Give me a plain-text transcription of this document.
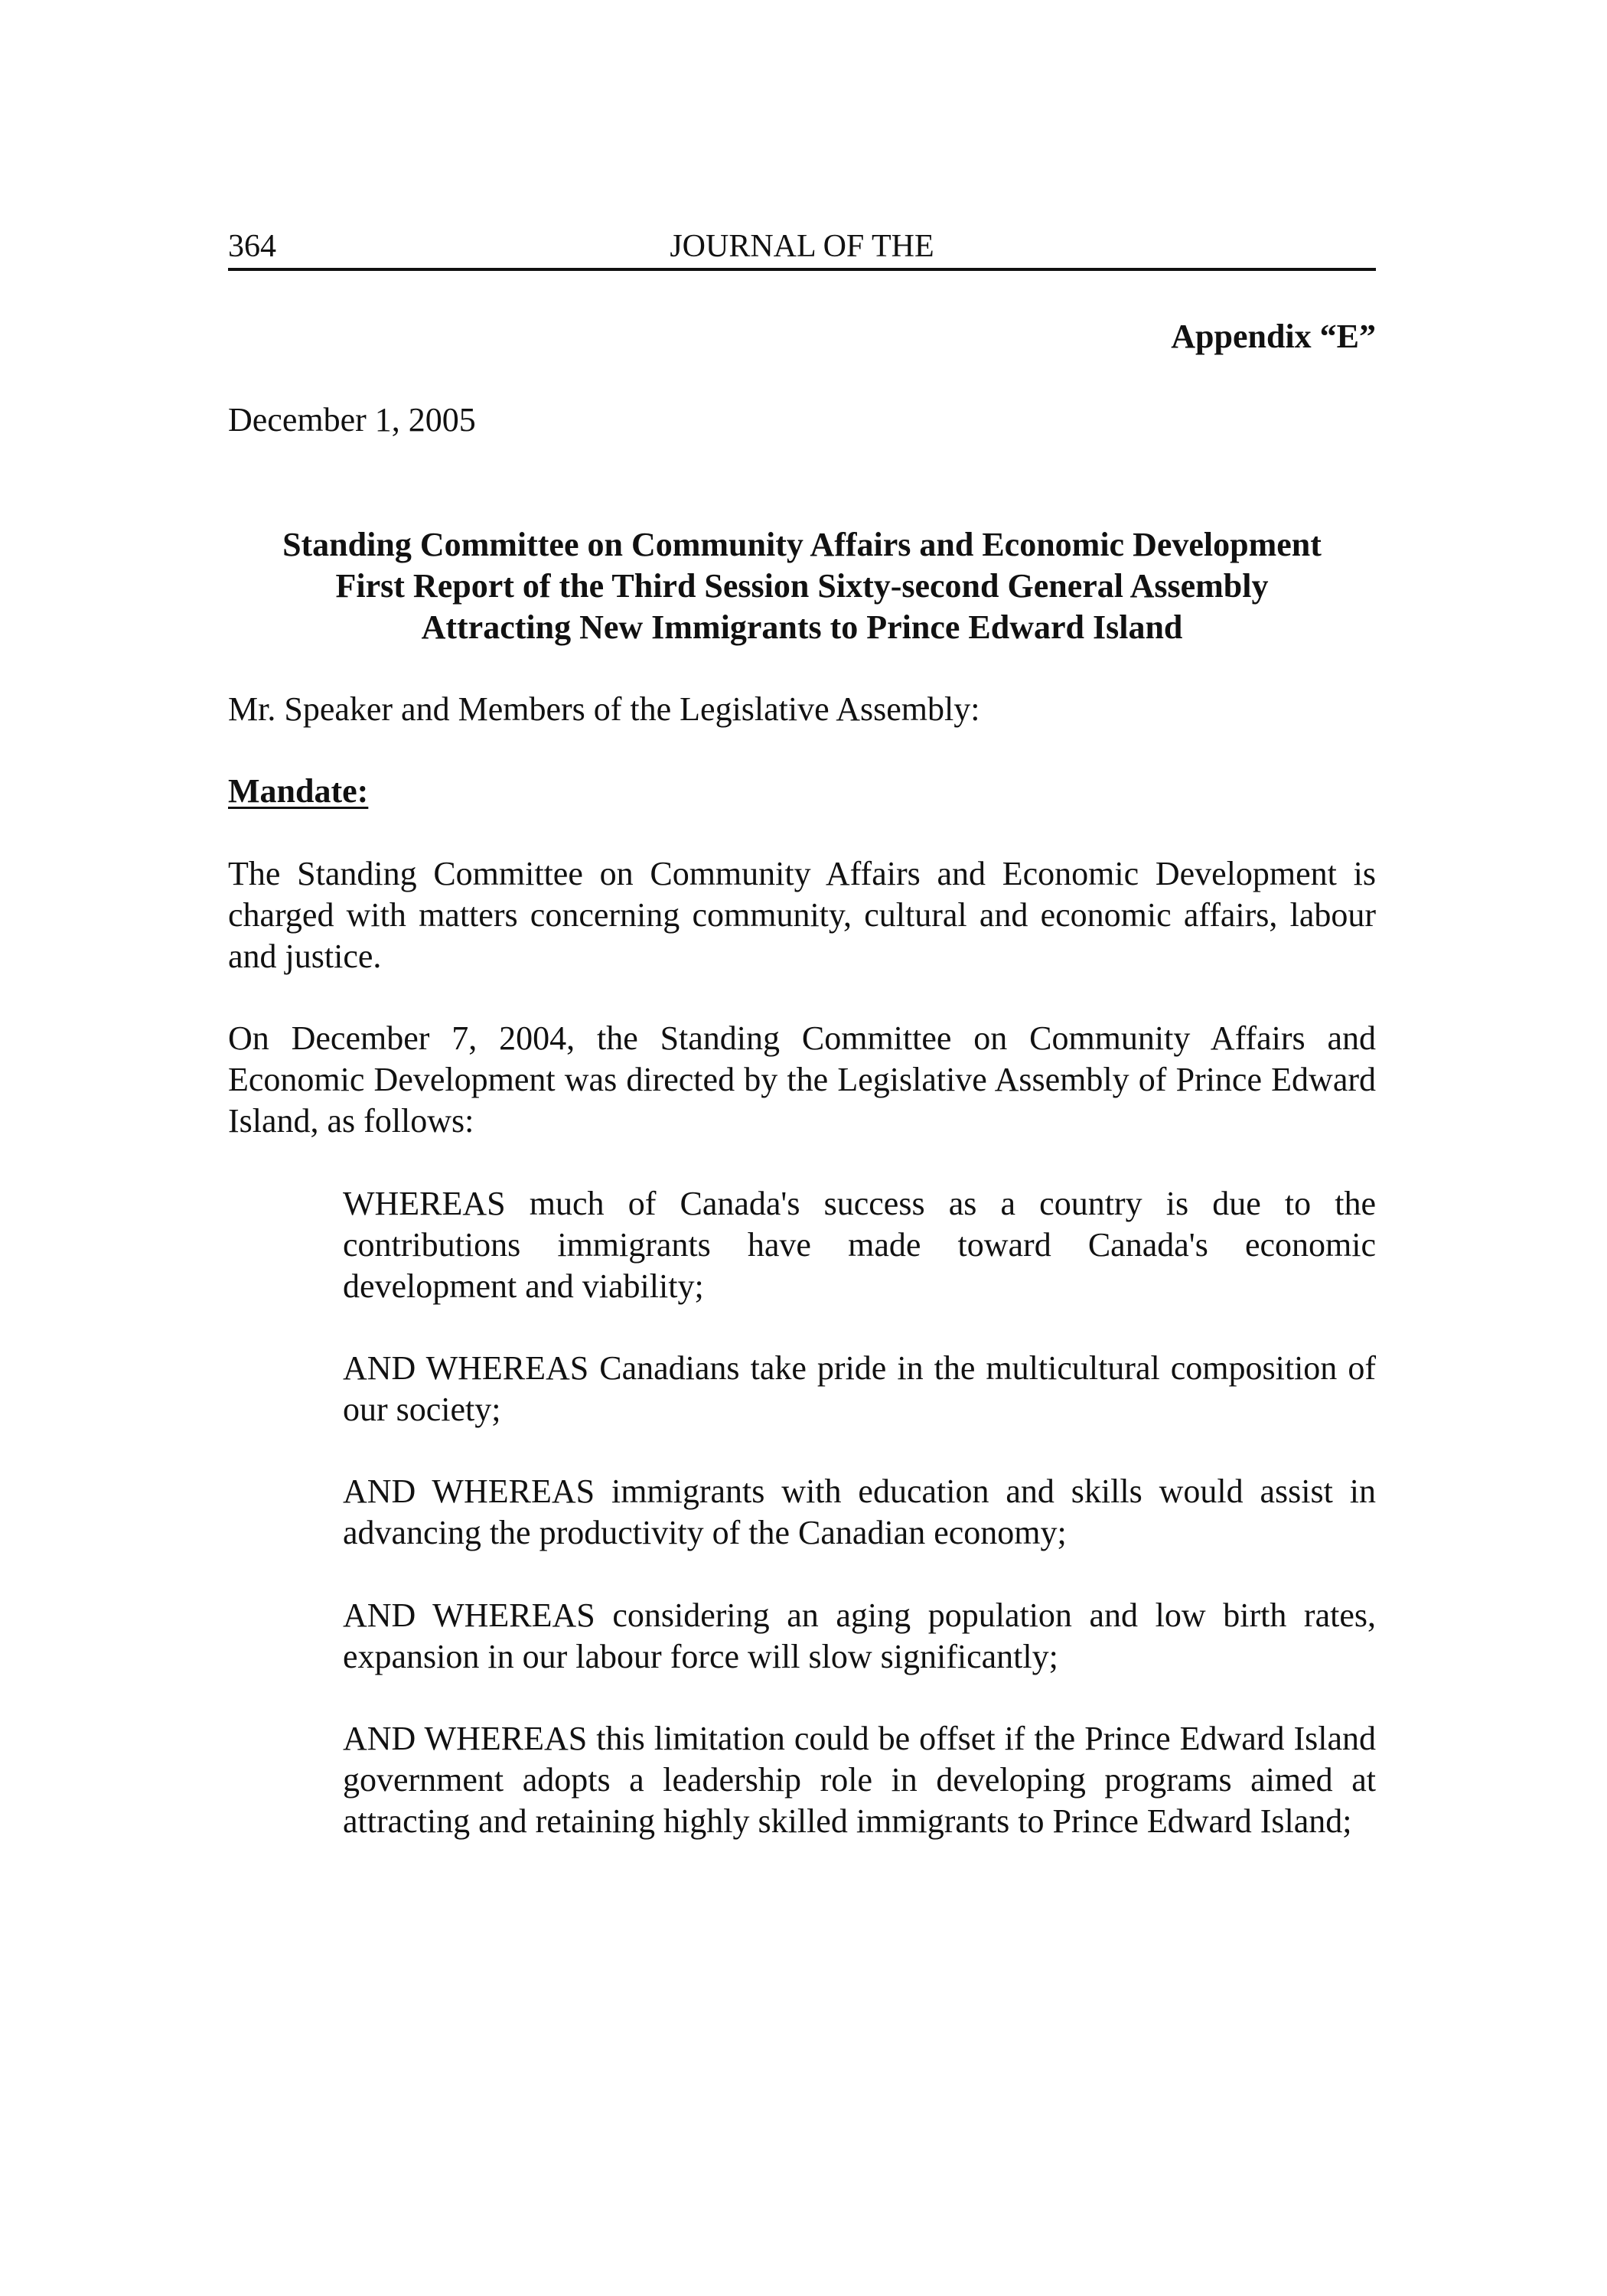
364	JOURNAL OF THE
Appendix “E”
December 1, 2005
Standing Committee on Community Affairs and Economic Development
First Report of the Third Session Sixty-second General Assembly
Attracting New Immigrants to Prince Edward Island
Mr. Speaker and Members of the Legislative Assembly:
Mandate:

The Standing Committee on Community Affairs and Economic Development is charged with matters concerning community, cultural and economic affairs, labour and justice.

On December 7, 2004, the Standing Committee on Community Affairs and Economic Development was directed by the Legislative Assembly of Prince Edward Island, as follows:

WHEREAS much of Canada's success as a country is due to the contributions immigrants have made toward Canada's economic development and viability;

AND WHEREAS Canadians take pride in the multicultural composition of our society;

AND WHEREAS immigrants with education and skills would assist in advancing the productivity of the Canadian economy;

AND WHEREAS considering an aging population and low birth rates, expansion in our labour force will slow significantly;

AND WHEREAS this limitation could be offset if the Prince Edward Island government adopts a leadership role in developing programs aimed at attracting and retaining highly skilled immigrants to Prince Edward Island;
